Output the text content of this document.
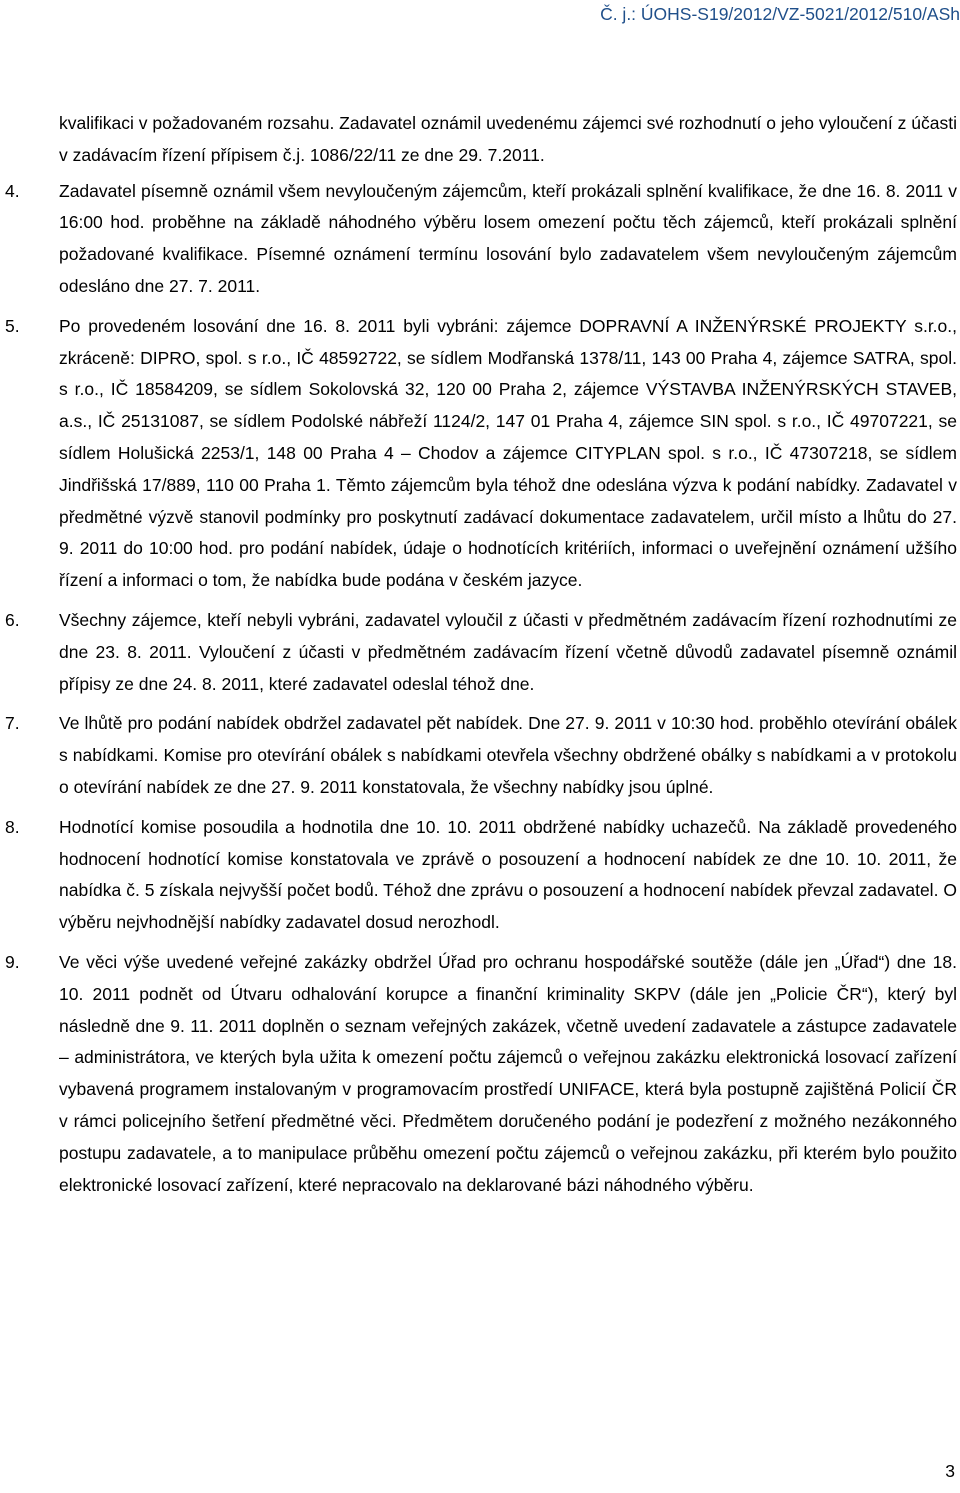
Č. j.: ÚOHS-S19/2012/VZ-5021/2012/510/ASh

kvalifikaci v požadovaném rozsahu. Zadavatel oznámil uvedenému zájemci své rozhodnutí o jeho vyloučení z účasti v zadávacím řízení přípisem č.j. 1086/22/11 ze dne 29. 7.2011.

4. Zadavatel písemně oznámil všem nevyloučeným zájemcům, kteří prokázali splnění kvalifikace, že dne 16. 8. 2011 v 16:00 hod. proběhne na základě náhodného výběru losem omezení počtu těch zájemců, kteří prokázali splnění požadované kvalifikace. Písemné oznámení termínu losování bylo zadavatelem všem nevyloučeným zájemcům odesláno dne 27. 7. 2011.
5. Po provedeném losování dne 16. 8. 2011 byli vybráni: zájemce DOPRAVNÍ A INŽENÝRSKÉ PROJEKTY s.r.o., zkráceně: DIPRO, spol. s r.o., IČ 48592722, se sídlem Modřanská 1378/11, 143 00 Praha 4, zájemce SATRA, spol. s r.o., IČ 18584209, se sídlem Sokolovská 32, 120 00 Praha 2, zájemce VÝSTAVBA INŽENÝRSKÝCH STAVEB, a.s., IČ 25131087, se sídlem Podolské nábřeží 1124/2, 147 01 Praha 4, zájemce SIN spol. s r.o., IČ 49707221, se sídlem Holušická 2253/1, 148 00 Praha 4 – Chodov a zájemce CITYPLAN spol. s r.o., IČ 47307218, se sídlem Jindřišská 17/889, 110 00 Praha 1. Těmto zájemcům byla téhož dne odeslána výzva k podání nabídky. Zadavatel v předmětné výzvě stanovil podmínky pro poskytnutí zadávací dokumentace zadavatelem, určil místo a lhůtu do 27. 9. 2011 do 10:00 hod. pro podání nabídek, údaje o hodnotících kritériích, informaci o uveřejnění oznámení užšího řízení a informaci o tom, že nabídka bude podána v českém jazyce.
6. Všechny zájemce, kteří nebyli vybráni, zadavatel vyloučil z účasti v předmětném zadávacím řízení rozhodnutími ze dne 23. 8. 2011. Vyloučení z účasti v předmětném zadávacím řízení včetně důvodů zadavatel písemně oznámil přípisy ze dne 24. 8. 2011, které zadavatel odeslal téhož dne.
7. Ve lhůtě pro podání nabídek obdržel zadavatel pět nabídek. Dne 27. 9. 2011 v 10:30 hod. proběhlo otevírání obálek s nabídkami. Komise pro otevírání obálek s nabídkami otevřela všechny obdržené obálky s nabídkami a v protokolu o otevírání nabídek ze dne 27. 9. 2011 konstatovala, že všechny nabídky jsou úplné.
8. Hodnotící komise posoudila a hodnotila dne 10. 10. 2011 obdržené nabídky uchazečů. Na základě provedeného hodnocení hodnotící komise konstatovala ve zprávě o posouzení a hodnocení nabídek ze dne 10. 10. 2011, že nabídka č. 5 získala nejvyšší počet bodů. Téhož dne zprávu o posouzení a hodnocení nabídek převzal zadavatel. O výběru nejvhodnější nabídky zadavatel dosud nerozhodl.
9. Ve věci výše uvedené veřejné zakázky obdržel Úřad pro ochranu hospodářské soutěže (dále jen „Úřad“) dne 18. 10. 2011 podnět od Útvaru odhalování korupce a finanční kriminality SKPV (dále jen „Policie ČR“), který byl následně dne 9. 11. 2011 doplněn o seznam veřejných zakázek, včetně uvedení zadavatele a zástupce zadavatele – administrátora, ve kterých byla užita k omezení počtu zájemců o veřejnou zakázku elektronická losovací zařízení vybavená programem instalovaným v programovacím prostředí UNIFACE, která byla postupně zajištěná Policií ČR v rámci policejního šetření předmětné věci. Předmětem doručeného podání je podezření z možného nezákonného postupu zadavatele, a to manipulace průběhu omezení počtu zájemců o veřejnou zakázku, při kterém bylo použito elektronické losovací zařízení, které nepracovalo na deklarované bázi náhodného výběru.
3
